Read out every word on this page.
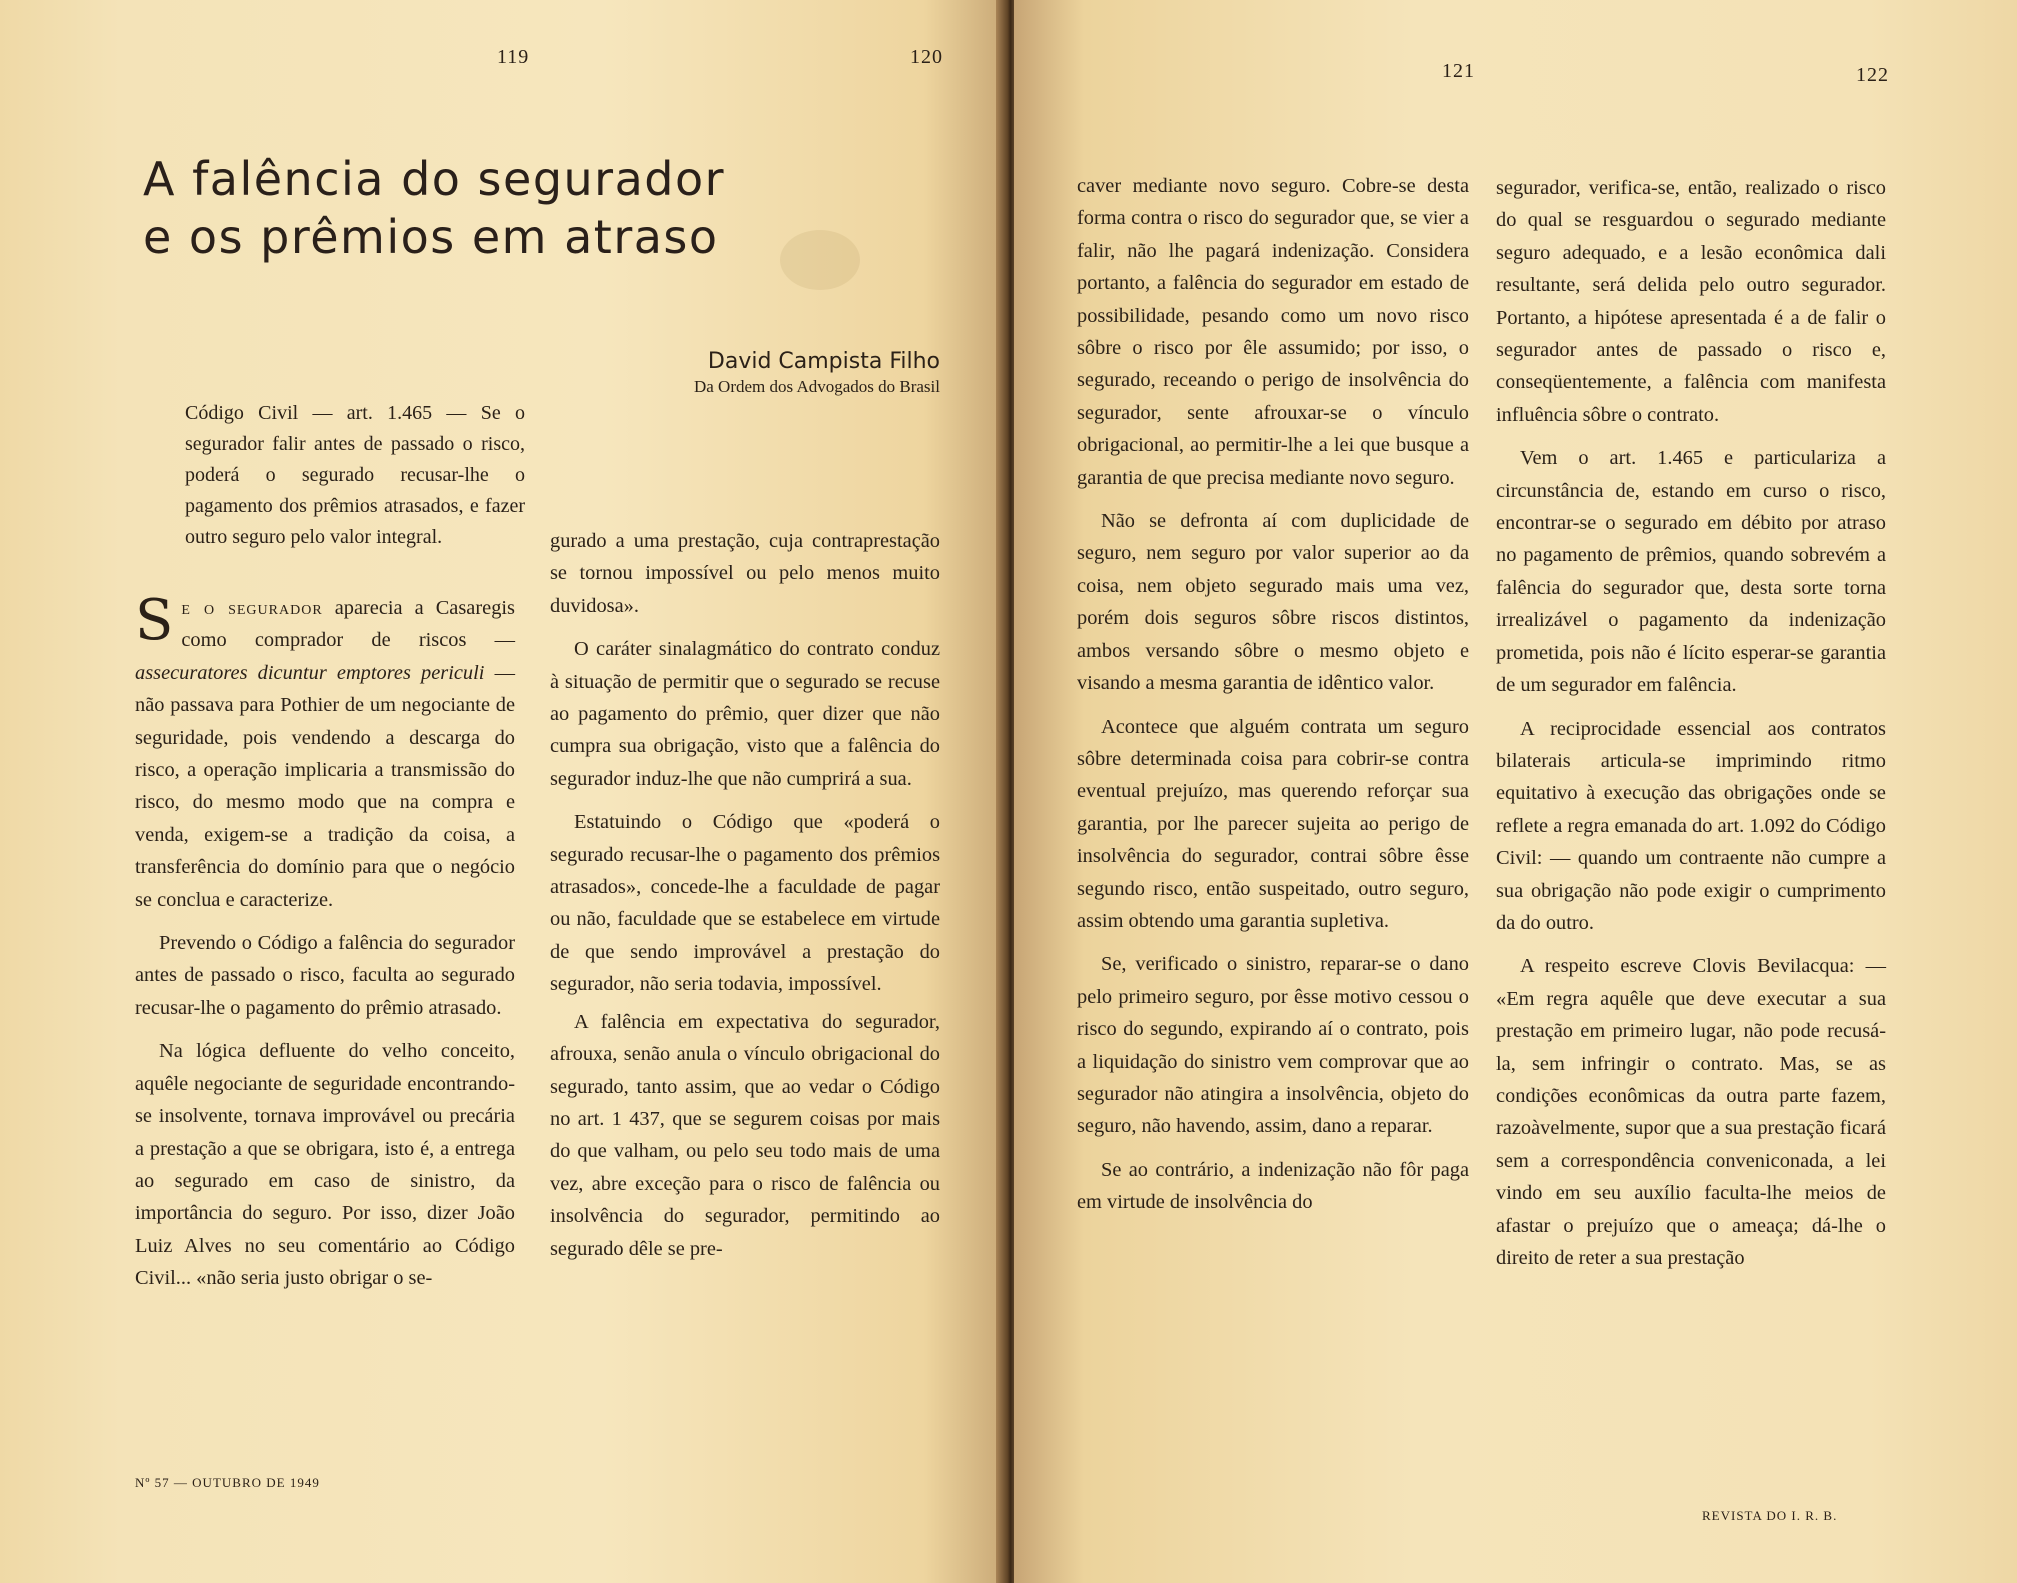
119	120
A falência do segurador
e os prêmios em atraso
David Campista Filho
Da Ordem dos Advogados do Brasil

Código Civil — art. 1.465 — Se o segurador falir antes de passado o risco, poderá o segurado recusar-lhe o pagamento dos prêmios atrasados, e fazer outro seguro pelo valor integral.

Se o segurador aparecia a Casaregis como comprador de riscos — assecuratores dicuntur emptores periculi — não passava para Pothier de um negociante de seguridade, pois vendendo a descarga do risco, a operação implicaria a transmissão do risco, do mesmo modo que na compra e venda, exigem-se a tradição da coisa, a transferência do domínio para que o negócio se conclua e caracterize.

Prevendo o Código a falência do segurador antes de passado o risco, faculta ao segurado recusar-lhe o pagamento do prêmio atrasado.

Na lógica defluente do velho conceito, aquêle negociante de seguridade encontrando-se insolvente, tornava improvável ou precária a prestação a que se obrigara, isto é, a entrega ao segurado em caso de sinistro, da importância do seguro. Por isso, dizer João Luiz Alves no seu comentário ao Código Civil... «não seria justo obrigar o se-

gurado a uma prestação, cuja contraprestação se tornou impossível ou pelo menos muito duvidosa».

O caráter sinalagmático do contrato conduz à situação de permitir que o segurado se recuse ao pagamento do prêmio, quer dizer que não cumpra sua obrigação, visto que a falência do segurador induz-lhe que não cumprirá a sua.

Estatuindo o Código que «poderá o segurado recusar-lhe o pagamento dos prêmios atrasados», concede-lhe a faculdade de pagar ou não, faculdade que se estabelece em virtude de que sendo improvável a prestação do segurador, não seria todavia, impossível.

A falência em expectativa do segurador, afrouxa, senão anula o vínculo obrigacional do segurado, tanto assim, que ao vedar o Código no art. 1 437, que se segurem coisas por mais do que valham, ou pelo seu todo mais de uma vez, abre exceção para o risco de falência ou insolvência do segurador, permitindo ao segurado dêle se pre-

Nº 57 — OUTUBRO DE 1949
121	122

caver mediante novo seguro. Cobre-se desta forma contra o risco do segurador que, se vier a falir, não lhe pagará indenização. Considera portanto, a falência do segurador em estado de possibilidade, pesando como um novo risco sôbre o risco por êle assumido; por isso, o segurado, receando o perigo de insolvência do segurador, sente afrouxar-se o vínculo obrigacional, ao permitir-lhe a lei que busque a garantia de que precisa mediante novo seguro.

Não se defronta aí com duplicidade de seguro, nem seguro por valor superior ao da coisa, nem objeto segurado mais uma vez, porém dois seguros sôbre riscos distintos, ambos versando sôbre o mesmo objeto e visando a mesma garantia de idêntico valor.

Acontece que alguém contrata um seguro sôbre determinada coisa para cobrir-se contra eventual prejuízo, mas querendo reforçar sua garantia, por lhe parecer sujeita ao perigo de insolvência do segurador, contrai sôbre êsse segundo risco, então suspeitado, outro seguro, assim obtendo uma garantia supletiva.

Se, verificado o sinistro, reparar-se o dano pelo primeiro seguro, por êsse motivo cessou o risco do segundo, expirando aí o contrato, pois a liquidação do sinistro vem comprovar que ao segurador não atingira a insolvência, objeto do seguro, não havendo, assim, dano a reparar.

Se ao contrário, a indenização não fôr paga em virtude de insolvência do

segurador, verifica-se, então, realizado o risco do qual se resguardou o segurado mediante seguro adequado, e a lesão econômica dali resultante, será delida pelo outro segurador. Portanto, a hipótese apresentada é a de falir o segurador antes de passado o risco e, conseqüentemente, a falência com manifesta influência sôbre o contrato.

Vem o art. 1.465 e particulariza a circunstância de, estando em curso o risco, encontrar-se o segurado em débito por atraso no pagamento de prêmios, quando sobrevém a falência do segurador que, desta sorte torna irrealizável o pagamento da indenização prometida, pois não é lícito esperar-se garantia de um segurador em falência.

A reciprocidade essencial aos contratos bilaterais articula-se imprimindo ritmo equitativo à execução das obrigações onde se reflete a regra emanada do art. 1.092 do Código Civil: — quando um contraente não cumpre a sua obrigação não pode exigir o cumprimento da do outro.

A respeito escreve Clovis Bevilacqua: — «Em regra aquêle que deve executar a sua prestação em primeiro lugar, não pode recusá-la, sem infringir o contrato. Mas, se as condições econômicas da outra parte fazem, razoàvelmente, supor que a sua prestação ficará sem a correspondência conveniconada, a lei vindo em seu auxílio faculta-lhe meios de afastar o prejuízo que o ameaça; dá-lhe o direito de reter a sua prestação

REVISTA DO I. R. B.
